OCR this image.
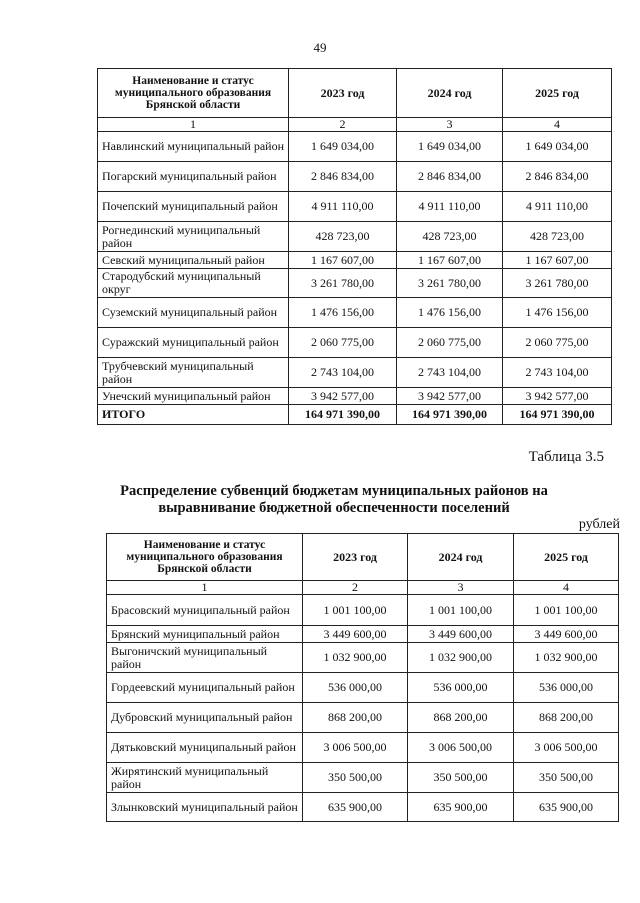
49
Наименование и статус муниципального образования Брянской области	2023 год	2024 год	2025 год
1	2	3	4
Навлинский муниципальный район	1 649 034,00	1 649 034,00	1 649 034,00
Погарский муниципальный район	2 846 834,00	2 846 834,00	2 846 834,00
Почепский муниципальный район	4 911 110,00	4 911 110,00	4 911 110,00
Рогнединский муниципальный район	428 723,00	428 723,00	428 723,00
Севский муниципальный район	1 167 607,00	1 167 607,00	1 167 607,00
Стародубский муниципальный округ	3 261 780,00	3 261 780,00	3 261 780,00
Суземский муниципальный район	1 476 156,00	1 476 156,00	1 476 156,00
Суражский муниципальный район	2 060 775,00	2 060 775,00	2 060 775,00
Трубчевский муниципальный район	2 743 104,00	2 743 104,00	2 743 104,00
Унечский муниципальный район	3 942 577,00	3 942 577,00	3 942 577,00
ИТОГО	164 971 390,00	164 971 390,00	164 971 390,00
Таблица 3.5
Распределение субвенций бюджетам муниципальных районов на выравнивание бюджетной обеспеченности поселений
рублей
Наименование и статус муниципального образования Брянской области	2023 год	2024 год	2025 год
1	2	3	4
Брасовский муниципальный район	1 001 100,00	1 001 100,00	1 001 100,00
Брянский муниципальный район	3 449 600,00	3 449 600,00	3 449 600,00
Выгоничский муниципальный район	1 032 900,00	1 032 900,00	1 032 900,00
Гордеевский муниципальный район	536 000,00	536 000,00	536 000,00
Дубровский муниципальный район	868 200,00	868 200,00	868 200,00
Дятьковский муниципальный район	3 006 500,00	3 006 500,00	3 006 500,00
Жирятинский муниципальный район	350 500,00	350 500,00	350 500,00
Злынковский муниципальный район	635 900,00	635 900,00	635 900,00
